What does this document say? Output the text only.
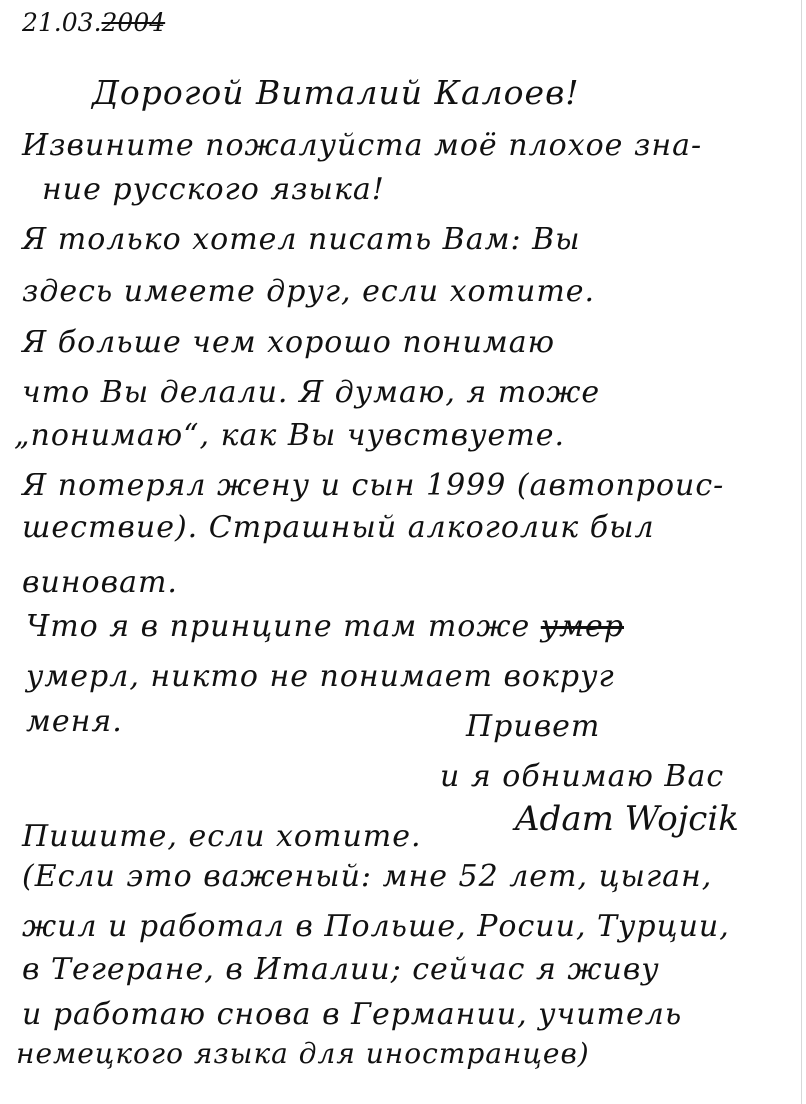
21.03.2004
Дорогой Виталий Калоев!
Извините пожалуйста моё плохое зна-
ние русского языка!
Я только хотел писать Вам: Вы
здесь имеете друг, если хотите.
Я больше чем хорошо понимаю
что Вы делали. Я думаю, я тоже
„понимаю“, как Вы чувствуете.
Я потерял жену и сын 1999 (автопроис-
шествие). Страшный алкоголик был
виноват.
Что я в принципе там тоже умер
умерл, никто не понимает вокруг
меня.	Привет
и я обнимаю Вас
Adam Wojcik
Пишите, если хотите.
(Если это важеный: мне 52 лет, цыган,
жил и работал в Польше, Росии, Турции,
в Тегеране, в Италии; сейчас я живу
и работаю снова в Германии, учитель
немецкого языка для иностранцев)
